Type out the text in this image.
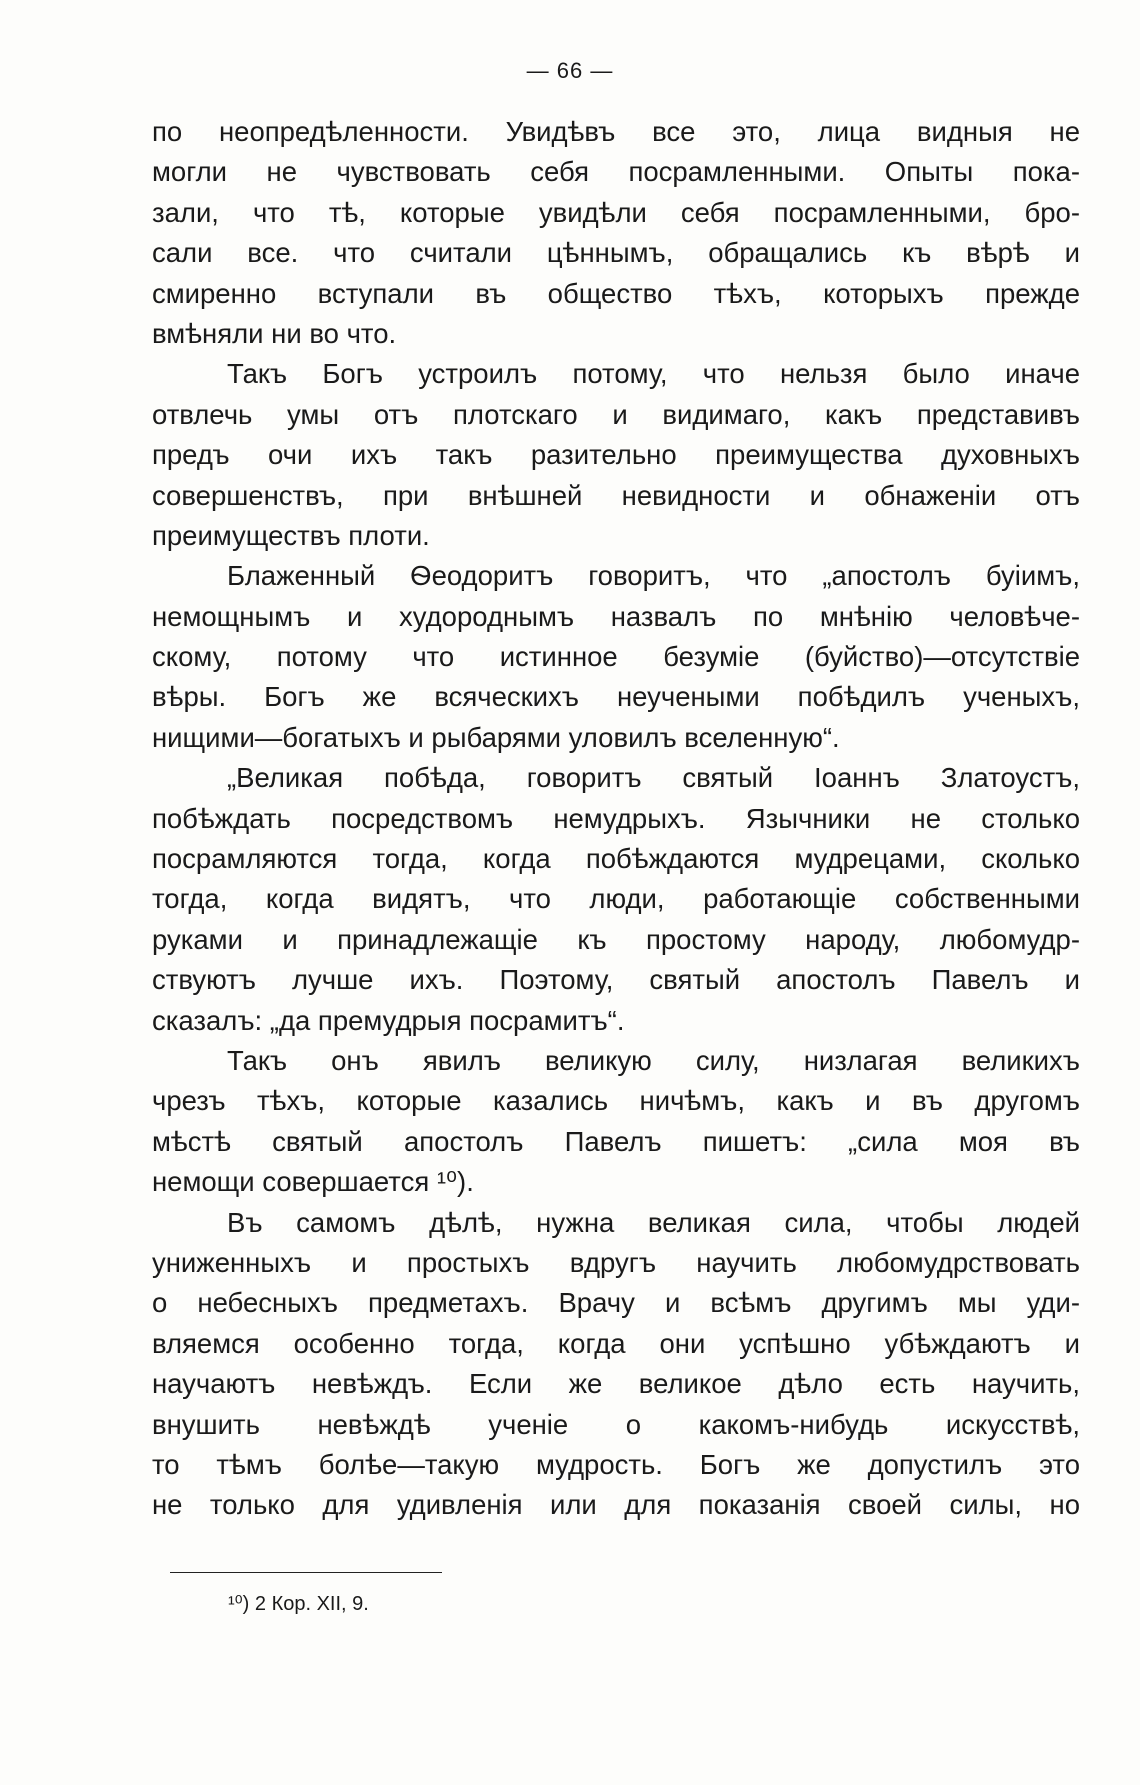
— 66 —
по неопредѣленности. Увидѣвъ все это, лица видныя не
могли не чувствовать себя посрамленными. Опыты пока-
зали, что тѣ, которые увидѣли себя посрамленными, бро-
сали все. что считали цѣннымъ, обращались къ вѣрѣ и
смиренно вступали въ общество тѣхъ, которыхъ прежде
вмѣняли ни во что.
Такъ Богъ устроилъ потому, что нельзя было иначе
отвлечь умы отъ плотскаго и видимаго, какъ представивъ
предъ очи ихъ такъ разительно преимущества духовныхъ
совершенствъ, при внѣшней невидности и обнаженіи отъ
преимуществъ плоти.
Блаженный Ѳеодоритъ говоритъ, что „апостолъ буіимъ,
немощнымъ и худороднымъ назвалъ по мнѣнію человѣче-
скому, потому что истинное безуміе (буйство)—отсутствіе
вѣры. Богъ же всяческихъ неучеными побѣдилъ ученыхъ,
нищими—богатыхъ и рыбарями уловилъ вселенную“.
„Великая побѣда, говоритъ святый Іоаннъ Златоустъ,
побѣждать посредствомъ немудрыхъ. Язычники не столько
посрамляются тогда, когда побѣждаются мудрецами, сколько
тогда, когда видятъ, что люди, работающіе собственными
руками и принадлежащіе къ простому народу, любомудр-
ствуютъ лучше ихъ. Поэтому, святый апостолъ Павелъ и
сказалъ: „да премудрыя посрамитъ“.
Такъ онъ явилъ великую силу, низлагая великихъ
чрезъ тѣхъ, которые казались ничѣмъ, какъ и въ другомъ
мѣстѣ святый апостолъ Павелъ пишетъ: „сила моя въ
немощи совершается ¹⁰).
Въ самомъ дѣлѣ, нужна великая сила, чтобы людей
униженныхъ и простыхъ вдругъ научить любомудрствовать
о небесныхъ предметахъ. Врачу и всѣмъ другимъ мы уди-
вляемся особенно тогда, когда они успѣшно убѣждаютъ и
научаютъ невѣждъ. Если же великое дѣло есть научить,
внушить невѣждѣ ученіе о какомъ-нибудь искусствѣ,
то тѣмъ болѣе—такую мудрость. Богъ же допустилъ это
не только для удивленія или для показанія своей силы, но
¹⁰) 2 Кор. XII, 9.
